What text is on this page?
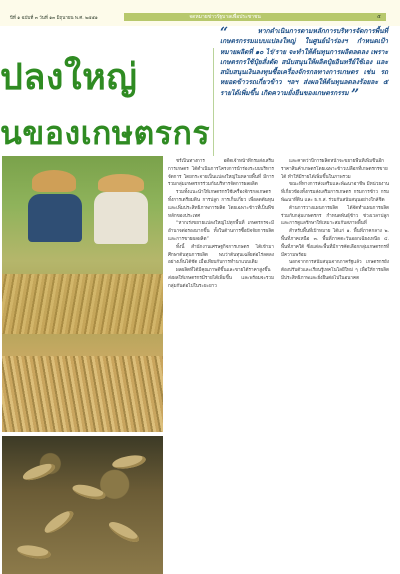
ปีที่ ๑ ฉบับที่ ๓ วันที่ ๑๓ มิถุนายน พ.ศ. ๒๕๕๑	จดหมายข่าวรัฐบาลเพื่อประชาชน	๕
ปลงใหญ่
นของเกษตรกร
“	หากดำเนินการตามหลักการบริหารจัดการพื้นที่เกษตรกรรมแบบแปลงใหญ่ ในศูนย์นำร่องฯ กำหนดเป้าหมายผลิตที่ ๑๐ ไร่/ราย จะทำให้ต้นทุนการผลิตลดลง เพราะเกษตรกรใช้ปุ๋ยสั่งตัด สนับสนุนให้ผลิตปุ๋ยอินทรีย์ใช้เอง และสนับสนุนเงินลงทุนซื้อเครื่องจักรกลทางการเกษตร เช่น รถหยอดข้าวรถเกี่ยวข้าว ฯลฯ ส่งผลให้ต้นทุนลดลงร้อยละ ๕ รายได้เพิ่มขึ้น เกิดความยั่งยืนของเกษตรกรรม ”

ชร์เป็นทางการ อดีตเจ้าหน้าที่กรมส่งเสริมการเกษตร ได้ดำเนินการโครงการนำร่องระบบบริหารจัดการ โดยกระจายเป็นแปลงใหญ่ในหลายพื้นที่ มีการรวมกลุ่มเกษตรกรร่วมกันบริหารจัดการผลผลิต

รวมทั้งแนะนำให้เกษตรกรใช้เครื่องจักรกลเกษตร ทั้งการเตรียมดิน การปลูก การเก็บเกี่ยว เพื่อลดต้นทุนและเพิ่มประสิทธิภาพการผลิต โดยเฉพาะข้าวที่เป็นพืชหลักของประเทศ

“หากเร่งขยายแปลงใหญ่ไปทุกพื้นที่ เกษตรกรจะมีอำนาจต่อรองมากขึ้น ทั้งในด้านการซื้อปัจจัยการผลิตและการขายผลผลิต”

ทั้งนี้ สำนักงานเศรษฐกิจการเกษตร ได้เข้ามาศึกษาต้นทุนการผลิต พบว่าต้นทุนเฉลี่ยต่อไร่ลดลงอย่างเห็นได้ชัด เมื่อเทียบกับการทำนาแบบเดิม

ผลผลิตที่ได้มีคุณภาพดีขึ้นและขายได้ราคาสูงขึ้น ส่งผลให้เกษตรกรมีรายได้เพิ่มขึ้น และพร้อมจะรวมกลุ่มกันต่อไปในระยะยาว

และคาดว่าปีการผลิตหน้าจะขยายพื้นที่เพิ่มขึ้นอีก ราคาสินค้าเกษตรโดยเฉพาะข้าวเปลือกที่เกษตรกรขายได้ ทำให้มีรายได้เพิ่มขึ้นในภาพรวม

ขณะที่ทางการส่งเสริมและพัฒนาอาชีพ มีหน่วยงานที่เกี่ยวข้องทั้งกรมส่งเสริมการเกษตร กรมการข้าว กรมพัฒนาที่ดิน และ ธ.ก.ส. ร่วมกันสนับสนุนอย่างใกล้ชิด

ด้านการวางแผนการผลิต ได้จัดทำแผนการผลิตร่วมกับกลุ่มเกษตรกร กำหนดพันธุ์ข้าว ช่วงเวลาปลูก และการดูแลรักษาให้เหมาะสมกับสภาพพื้นที่

สำหรับพื้นที่เป้าหมาย ได้แก่ ๑. พื้นที่ภาคกลาง ๒. พื้นที่ภาคเหนือ ๓. พื้นที่ภาคตะวันออกเฉียงเหนือ ๔. พื้นที่ภาคใต้ ซึ่งแต่ละพื้นที่มีการคัดเลือกกลุ่มเกษตรกรที่มีความพร้อม

นอกจากการสนับสนุนจากภาครัฐแล้ว เกษตรกรยังต้องปรับตัวและเรียนรู้เทคโนโลยีใหม่ ๆ เพื่อให้การผลิตมีประสิทธิภาพและยั่งยืนต่อไปในอนาคต
